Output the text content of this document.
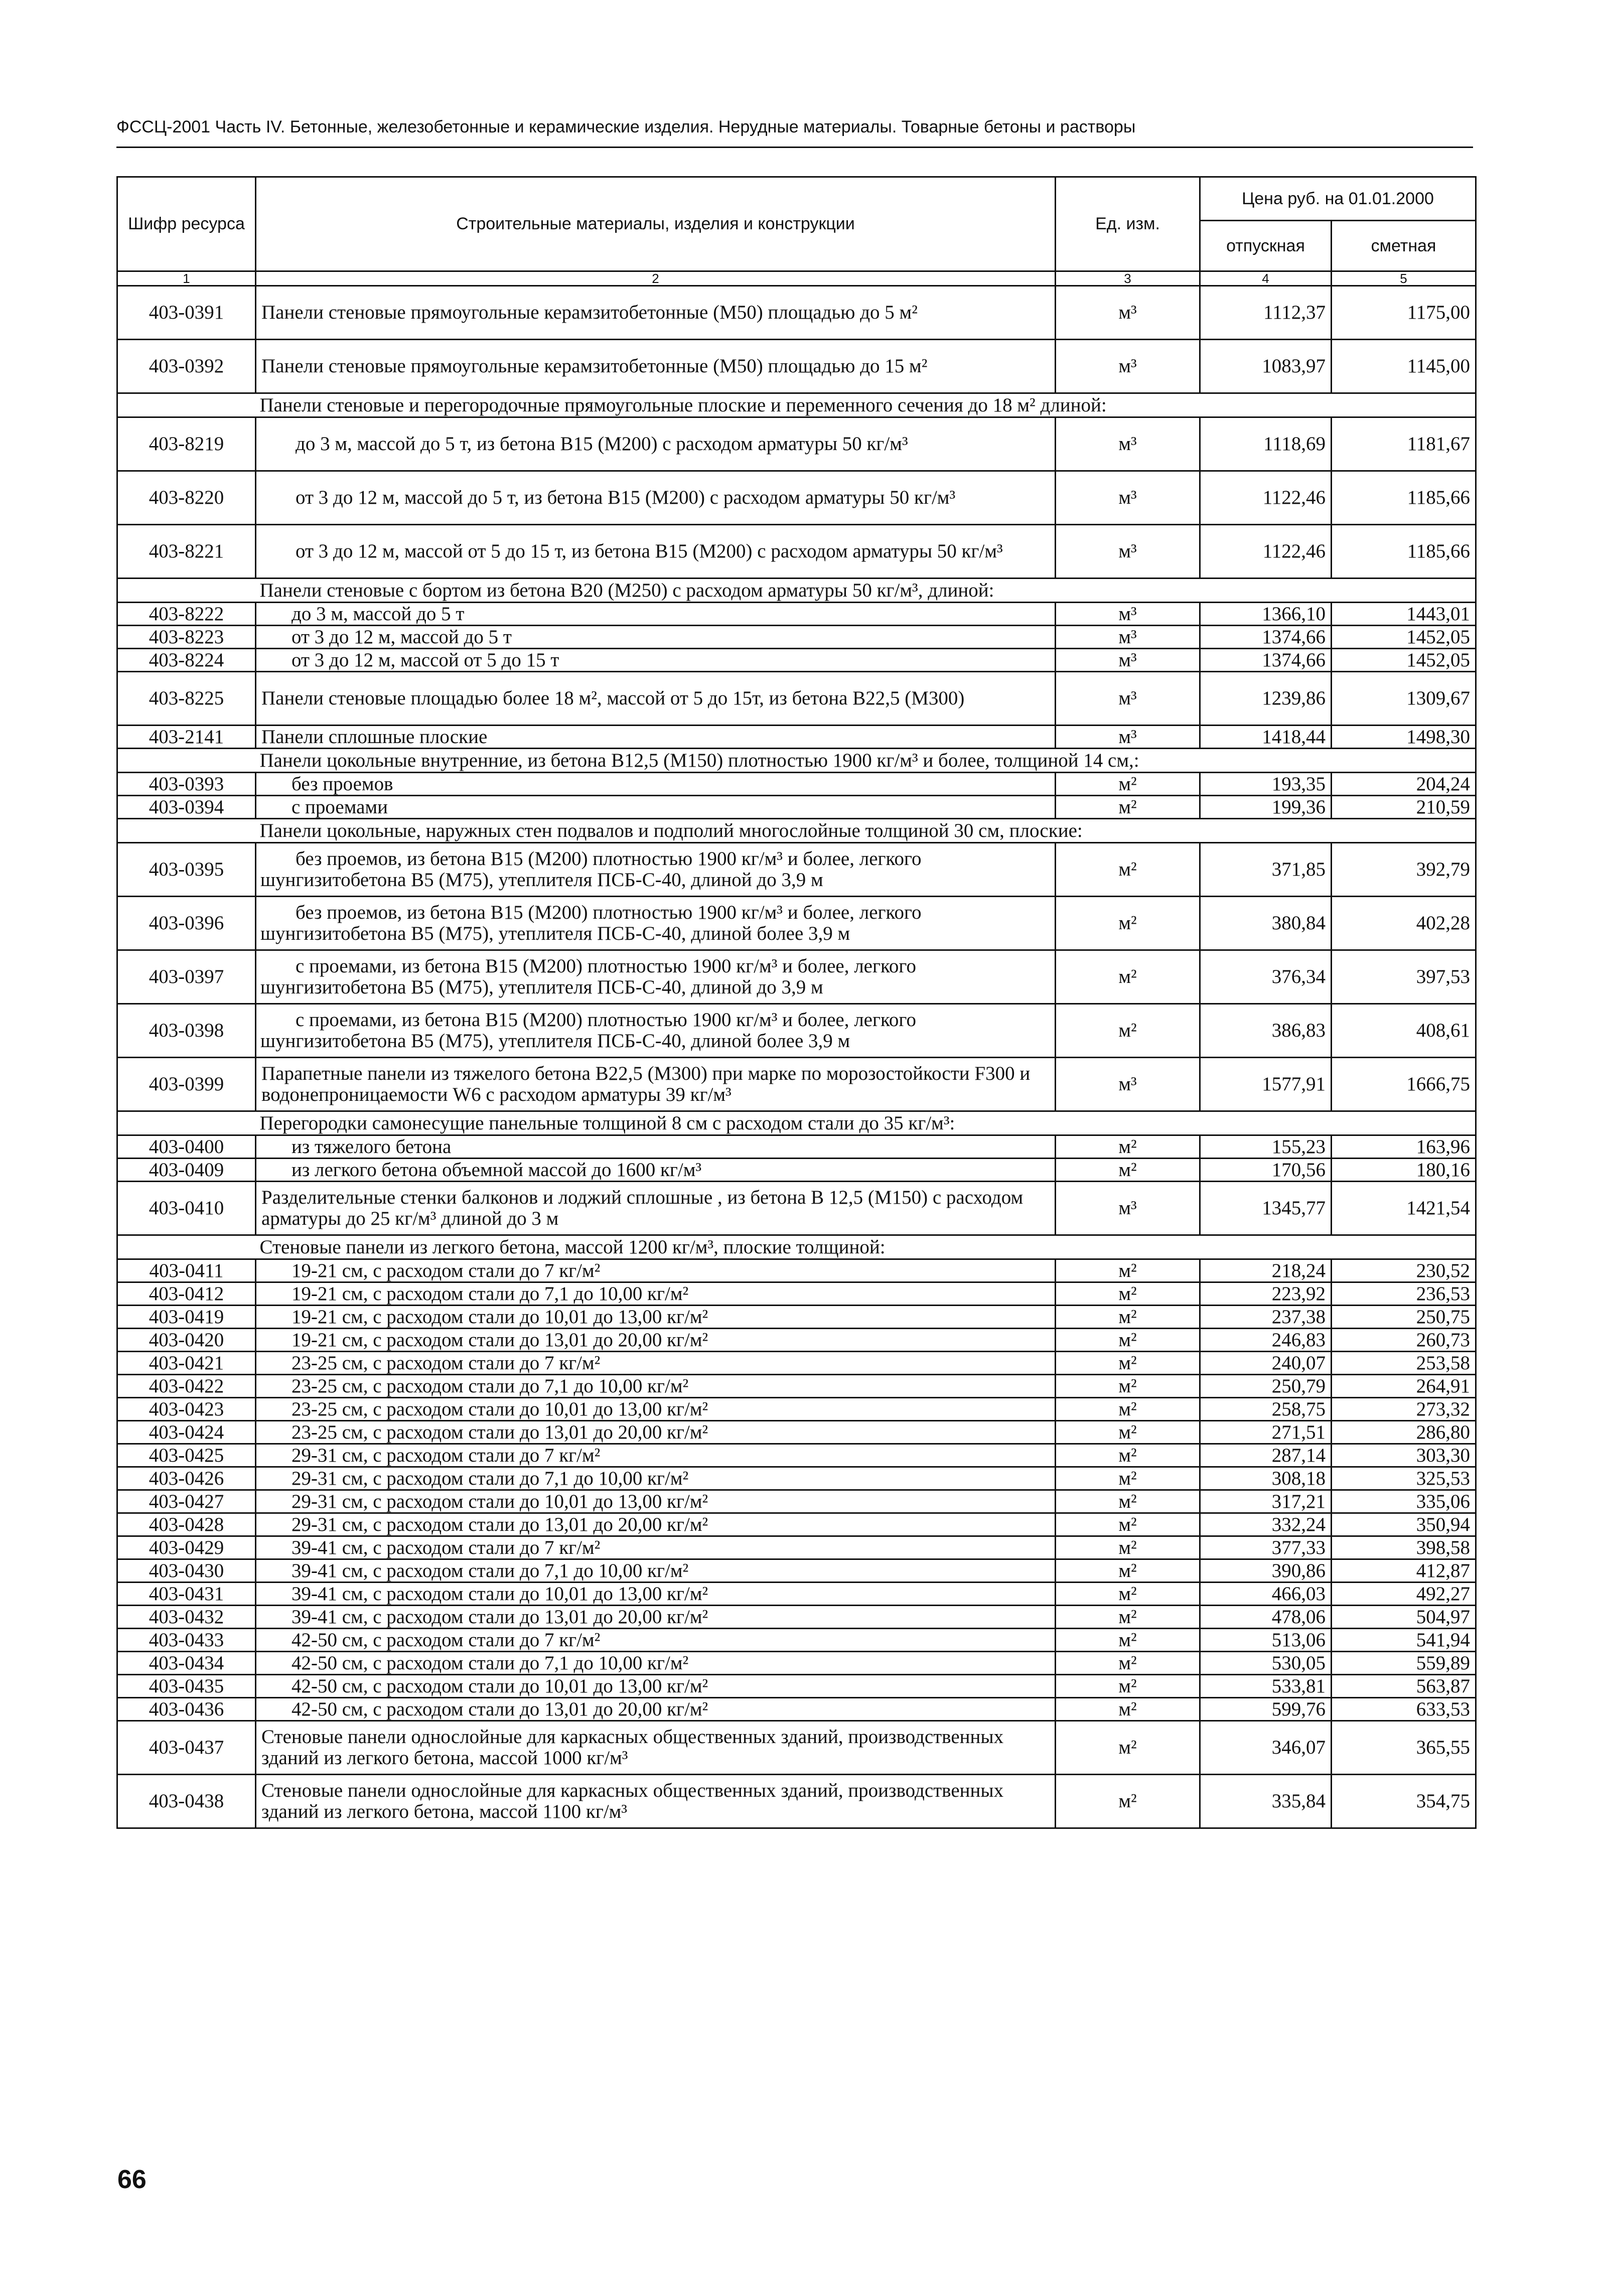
ФССЦ-2001 Часть IV. Бетонные, железобетонные и керамические изделия. Нерудные материалы. Товарные бетоны и растворы
Шифр ресурса	Строительные материалы, изделия и конструкции	Ед. изм.	Цена руб. на 01.01.2000	
			отпускная	сметная
1	2	3	4	5
403-0391	Панели стеновые прямоугольные керамзитобетонные (М50) площадью до 5 м²	м³	1112,37	1175,00
403-0392	Панели стеновые прямоугольные керамзитобетонные (М50) площадью до 15 м²	м³	1083,97	1145,00
	Панели стеновые и перегородочные прямоугольные плоские и переменного сечения до 18 м² длиной:			
403-8219	до 3 м, массой до 5 т, из бетона В15 (М200) с расходом арматуры 50 кг/м³	м³	1118,69	1181,67
403-8220	от 3 до 12 м, массой до 5 т, из бетона В15 (М200) с расходом арматуры 50 кг/м³	м³	1122,46	1185,66
403-8221	от 3 до 12 м, массой от 5 до 15 т, из бетона В15 (М200) с расходом арматуры 50 кг/м³	м³	1122,46	1185,66
	Панели стеновые с бортом из бетона В20 (М250) с расходом арматуры 50 кг/м³, длиной:			
403-8222	до 3 м, массой до 5 т	м³	1366,10	1443,01
403-8223	от 3 до 12 м, массой до 5 т	м³	1374,66	1452,05
403-8224	от 3 до 12 м, массой от 5 до 15 т	м³	1374,66	1452,05
403-8225	Панели стеновые площадью более 18 м², массой от 5 до 15т, из бетона В22,5 (М300)	м³	1239,86	1309,67
403-2141	Панели сплошные плоские	м³	1418,44	1498,30
	Панели цокольные внутренние, из бетона В12,5 (М150) плотностью 1900 кг/м³ и более, толщиной 14 см,:			
403-0393	без проемов	м²	193,35	204,24
403-0394	с проемами	м²	199,36	210,59
	Панели цокольные, наружных стен подвалов и подполий многослойные толщиной 30 см, плоские:			
403-0395	без проемов, из бетона В15 (М200) плотностью 1900 кг/м³ и более, легкого шунгизитобетона В5 (М75), утеплителя ПСБ-С-40, длиной до 3,9 м	м²	371,85	392,79
403-0396	без проемов, из бетона В15 (М200) плотностью 1900 кг/м³ и более, легкого шунгизитобетона В5 (М75), утеплителя ПСБ-С-40, длиной более 3,9 м	м²	380,84	402,28
403-0397	с проемами, из бетона В15 (М200) плотностью 1900 кг/м³ и более, легкого шунгизитобетона В5 (М75), утеплителя ПСБ-С-40, длиной до 3,9 м	м²	376,34	397,53
403-0398	с проемами, из бетона В15 (М200) плотностью 1900 кг/м³ и более, легкого шунгизитобетона В5 (М75), утеплителя ПСБ-С-40, длиной более 3,9 м	м²	386,83	408,61
403-0399	Парапетные панели из тяжелого бетона В22,5 (М300) при марке по морозостойкости F300 и водонепроницаемости W6 с расходом арматуры 39 кг/м³	м³	1577,91	1666,75
	Перегородки самонесущие панельные толщиной 8 см с расходом стали до 35 кг/м³:			
403-0400	из тяжелого бетона	м²	155,23	163,96
403-0409	из легкого бетона объемной массой до 1600 кг/м³	м²	170,56	180,16
403-0410	Разделительные стенки балконов и лоджий сплошные , из бетона В 12,5 (М150) с расходом арматуры до 25 кг/м³ длиной до 3 м	м³	1345,77	1421,54
	Стеновые панели из легкого бетона, массой 1200 кг/м³, плоские толщиной:			
403-0411	19-21 см, с расходом стали до 7 кг/м²	м²	218,24	230,52
403-0412	19-21 см, с расходом стали до 7,1 до 10,00 кг/м²	м²	223,92	236,53
403-0419	19-21 см, с расходом стали до 10,01 до 13,00 кг/м²	м²	237,38	250,75
403-0420	19-21 см, с расходом стали до 13,01 до 20,00 кг/м²	м²	246,83	260,73
403-0421	23-25 см, с расходом стали до 7 кг/м²	м²	240,07	253,58
403-0422	23-25 см, с расходом стали до 7,1 до 10,00 кг/м²	м²	250,79	264,91
403-0423	23-25 см, с расходом стали до 10,01 до 13,00 кг/м²	м²	258,75	273,32
403-0424	23-25 см, с расходом стали до 13,01 до 20,00 кг/м²	м²	271,51	286,80
403-0425	29-31 см, с расходом стали до 7 кг/м²	м²	287,14	303,30
403-0426	29-31 см, с расходом стали до 7,1 до 10,00 кг/м²	м²	308,18	325,53
403-0427	29-31 см, с расходом стали до 10,01 до 13,00 кг/м²	м²	317,21	335,06
403-0428	29-31 см, с расходом стали до 13,01 до 20,00 кг/м²	м²	332,24	350,94
403-0429	39-41 см, с расходом стали до 7 кг/м²	м²	377,33	398,58
403-0430	39-41 см, с расходом стали до 7,1 до 10,00 кг/м²	м²	390,86	412,87
403-0431	39-41 см, с расходом стали до 10,01 до 13,00 кг/м²	м²	466,03	492,27
403-0432	39-41 см, с расходом стали до 13,01 до 20,00 кг/м²	м²	478,06	504,97
403-0433	42-50 см, с расходом стали до 7 кг/м²	м²	513,06	541,94
403-0434	42-50 см, с расходом стали до 7,1 до 10,00 кг/м²	м²	530,05	559,89
403-0435	42-50 см, с расходом стали до 10,01 до 13,00 кг/м²	м²	533,81	563,87
403-0436	42-50 см, с расходом стали до 13,01 до 20,00 кг/м²	м²	599,76	633,53
403-0437	Стеновые панели однослойные для каркасных общественных зданий, производственных зданий из легкого бетона, массой 1000 кг/м³	м²	346,07	365,55
403-0438	Стеновые панели однослойные для каркасных общественных зданий, производственных зданий из легкого бетона, массой 1100 кг/м³	м²	335,84	354,75
66
